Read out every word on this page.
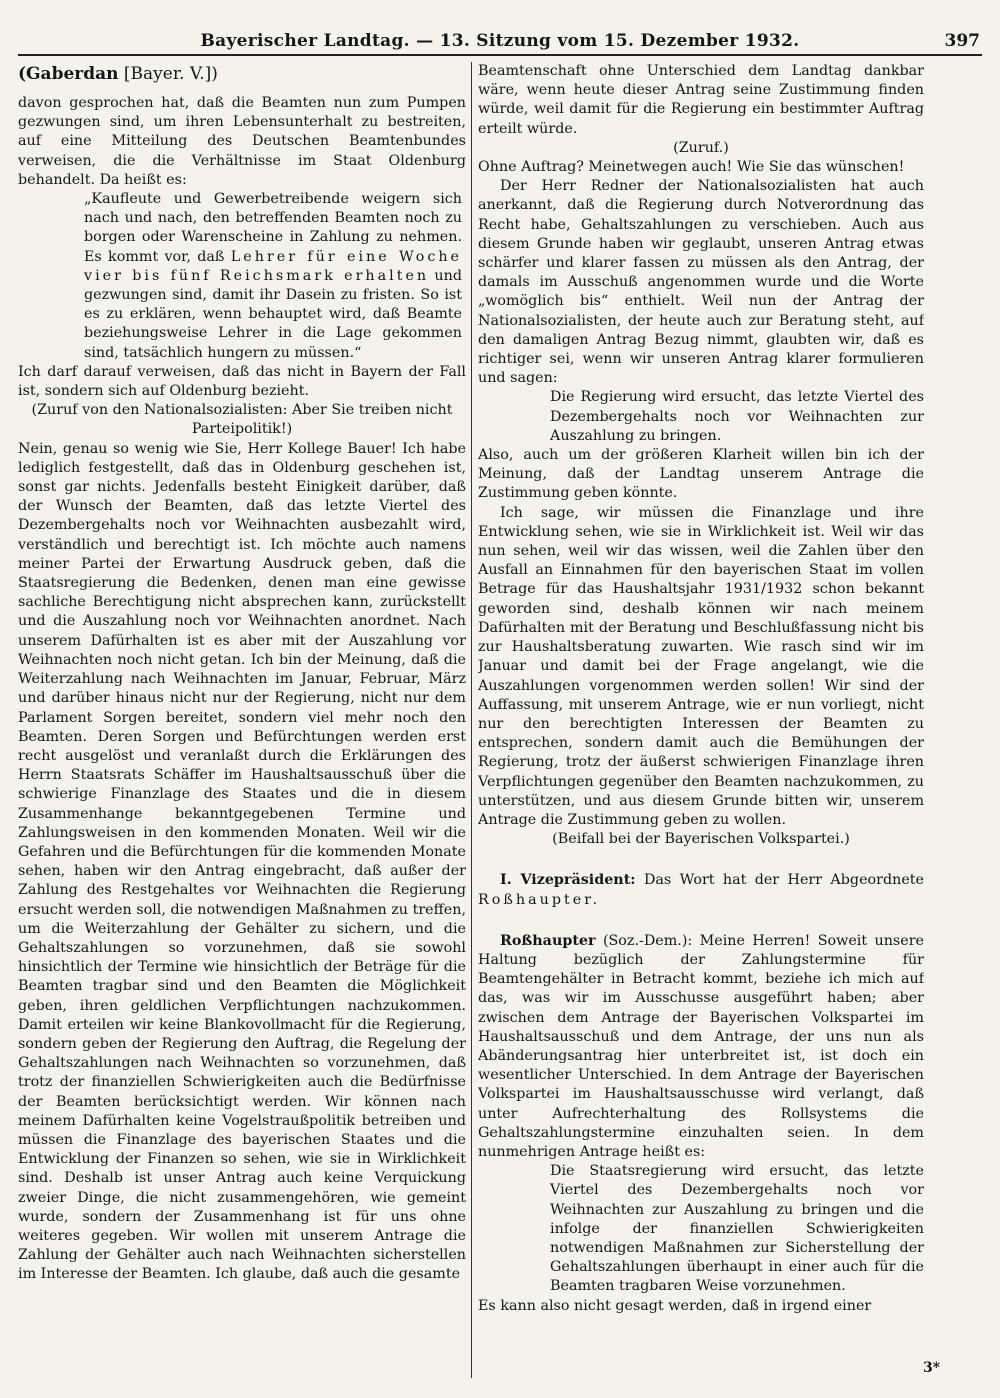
Bayerischer Landtag. — 13. Sitzung vom 15. Dezember 1932.	397

(Gaberdan [Bayer. V.])

davon gesprochen hat, daß die Beamten nun zum Pumpen gezwungen sind, um ihren Lebensunterhalt zu bestreiten, auf eine Mitteilung des Deutschen Beamtenbundes verweisen, die die Verhältnisse im Staat Oldenburg behandelt. Da heißt es:

„Kaufleute und Gewerbetreibende weigern sich nach und nach, den betreffenden Beamten noch zu borgen oder Warenscheine in Zahlung zu nehmen. Es kommt vor, daß Lehrer für eine Woche vier bis fünf Reichsmark erhalten und gezwungen sind, damit ihr Dasein zu fristen. So ist es zu erklären, wenn behauptet wird, daß Beamte beziehungsweise Lehrer in die Lage gekommen sind, tatsächlich hungern zu müssen.“

Ich darf darauf verweisen, daß das nicht in Bayern der Fall ist, sondern sich auf Oldenburg bezieht.

(Zuruf von den Nationalsozialisten: Aber Sie treiben nicht Parteipolitik!)

Nein, genau so wenig wie Sie, Herr Kollege Bauer! Ich habe lediglich festgestellt, daß das in Oldenburg geschehen ist, sonst gar nichts. Jedenfalls besteht Einigkeit darüber, daß der Wunsch der Beamten, daß das letzte Viertel des Dezembergehalts noch vor Weihnachten ausbezahlt wird, verständlich und berechtigt ist. Ich möchte auch namens meiner Partei der Erwartung Ausdruck geben, daß die Staatsregierung die Bedenken, denen man eine gewisse sachliche Berechtigung nicht absprechen kann, zurückstellt und die Auszahlung noch vor Weihnachten anordnet. Nach unserem Dafürhalten ist es aber mit der Auszahlung vor Weihnachten noch nicht getan. Ich bin der Meinung, daß die Weiterzahlung nach Weihnachten im Januar, Februar, März und darüber hinaus nicht nur der Regierung, nicht nur dem Parlament Sorgen bereitet, sondern viel mehr noch den Beamten. Deren Sorgen und Befürchtungen werden erst recht ausgelöst und veranlaßt durch die Erklärungen des Herrn Staatsrats Schäffer im Haushaltsausschuß über die schwierige Finanzlage des Staates und die in diesem Zusammenhange bekanntgegebenen Termine und Zahlungsweisen in den kommenden Monaten. Weil wir die Gefahren und die Befürchtungen für die kommenden Monate sehen, haben wir den Antrag eingebracht, daß außer der Zahlung des Restgehaltes vor Weihnachten die Regierung ersucht werden soll, die notwendigen Maßnahmen zu treffen, um die Weiterzahlung der Gehälter zu sichern, und die Gehaltszahlungen so vorzunehmen, daß sie sowohl hinsichtlich der Termine wie hinsichtlich der Beträge für die Beamten tragbar sind und den Beamten die Möglichkeit geben, ihren geldlichen Verpflichtungen nachzukommen. Damit erteilen wir keine Blankovollmacht für die Regierung, sondern geben der Regierung den Auftrag, die Regelung der Gehaltszahlungen nach Weihnachten so vorzunehmen, daß trotz der finanziellen Schwierigkeiten auch die Bedürfnisse der Beamten berücksichtigt werden. Wir können nach meinem Dafürhalten keine Vogelstraußpolitik betreiben und müssen die Finanzlage des bayerischen Staates und die Entwicklung der Finanzen so sehen, wie sie in Wirklichkeit sind. Deshalb ist unser Antrag auch keine Verquickung zweier Dinge, die nicht zusammengehören, wie gemeint wurde, sondern der Zusammenhang ist für uns ohne weiteres gegeben. Wir wollen mit unserem Antrage die Zahlung der Gehälter auch nach Weihnachten sicherstellen im Interesse der Beamten. Ich glaube, daß auch die gesamte

Beamtenschaft ohne Unterschied dem Landtag dankbar wäre, wenn heute dieser Antrag seine Zustimmung finden würde, weil damit für die Regierung ein bestimmter Auftrag erteilt würde.

(Zuruf.)

Ohne Auftrag? Meinetwegen auch! Wie Sie das wünschen!

Der Herr Redner der Nationalsozialisten hat auch anerkannt, daß die Regierung durch Notverordnung das Recht habe, Gehaltszahlungen zu verschieben. Auch aus diesem Grunde haben wir geglaubt, unseren Antrag etwas schärfer und klarer fassen zu müssen als den Antrag, der damals im Ausschuß angenommen wurde und die Worte „womöglich bis“ enthielt. Weil nun der Antrag der Nationalsozialisten, der heute auch zur Beratung steht, auf den damaligen Antrag Bezug nimmt, glaubten wir, daß es richtiger sei, wenn wir unseren Antrag klarer formulieren und sagen:

Die Regierung wird ersucht, das letzte Viertel des Dezembergehalts noch vor Weihnachten zur Auszahlung zu bringen.

Also, auch um der größeren Klarheit willen bin ich der Meinung, daß der Landtag unserem Antrage die Zustimmung geben könnte.

Ich sage, wir müssen die Finanzlage und ihre Entwicklung sehen, wie sie in Wirklichkeit ist. Weil wir das nun sehen, weil wir das wissen, weil die Zahlen über den Ausfall an Einnahmen für den bayerischen Staat im vollen Betrage für das Haushaltsjahr 1931/1932 schon bekannt geworden sind, deshalb können wir nach meinem Dafürhalten mit der Beratung und Beschlußfassung nicht bis zur Haushaltsberatung zuwarten. Wie rasch sind wir im Januar und damit bei der Frage angelangt, wie die Auszahlungen vorgenommen werden sollen! Wir sind der Auffassung, mit unserem Antrage, wie er nun vorliegt, nicht nur den berechtigten Interessen der Beamten zu entsprechen, sondern damit auch die Bemühungen der Regierung, trotz der äußerst schwierigen Finanzlage ihren Verpflichtungen gegenüber den Beamten nachzukommen, zu unterstützen, und aus diesem Grunde bitten wir, unserem Antrage die Zustimmung geben zu wollen.

(Beifall bei der Bayerischen Volkspartei.)

I. Vizepräsident: Das Wort hat der Herr Abgeordnete Roßhaupter.

Roßhaupter (Soz.-Dem.): Meine Herren! Soweit unsere Haltung bezüglich der Zahlungstermine für Beamtengehälter in Betracht kommt, beziehe ich mich auf das, was wir im Ausschusse ausgeführt haben; aber zwischen dem Antrage der Bayerischen Volkspartei im Haushaltsausschuß und dem Antrage, der uns nun als Abänderungsantrag hier unterbreitet ist, ist doch ein wesentlicher Unterschied. In dem Antrage der Bayerischen Volkspartei im Haushaltsausschusse wird verlangt, daß unter Aufrechterhaltung des Rollsystems die Gehaltszahlungstermine einzuhalten seien. In dem nunmehrigen Antrage heißt es:

Die Staatsregierung wird ersucht, das letzte Viertel des Dezembergehalts noch vor Weihnachten zur Auszahlung zu bringen und die infolge der finanziellen Schwierigkeiten notwendigen Maßnahmen zur Sicherstellung der Gehaltszahlungen überhaupt in einer auch für die Beamten tragbaren Weise vorzunehmen.

Es kann also nicht gesagt werden, daß in irgend einer

3*
